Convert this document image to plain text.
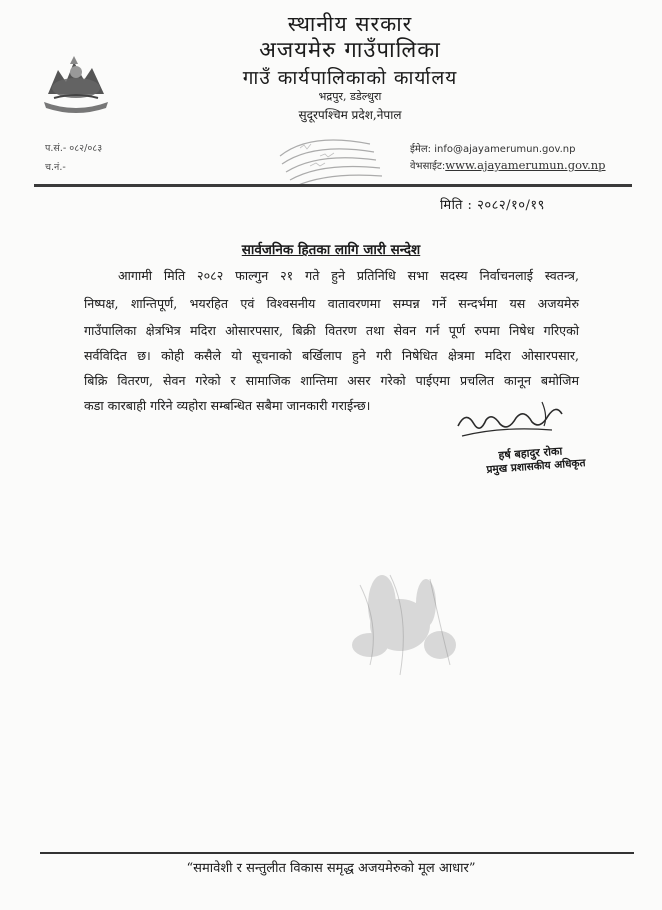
स्थानीय सरकार
अजयमेरु गाउँपालिका
गाउँ कार्यपालिकाको कार्यालय
भद्रपुर, डडेल्धुरा
सुदूरपश्चिम प्रदेश,नेपाल
प.सं.- ०८२/०८३
च.नं.-
ईमेल: info@ajayamerumun.gov.np
वेभसाईट:www.ajayamerumun.gov.np
मिति : २०८२/१०/१९
सार्वजनिक हितका लागि जारी सन्देश
आगामी मिति २०८२ फाल्गुन २१ गते हुने प्रतिनिधि सभा सदस्य निर्वाचनलाई स्वतन्त्र,
निष्पक्ष, शान्तिपूर्ण, भयरहित एवं विश्वसनीय वातावरणमा सम्पन्न गर्ने सन्दर्भमा यस अजयमेरु
गाउँपालिका क्षेत्रभित्र मदिरा ओसारपसार, बिक्री वितरण तथा सेवन गर्न पूर्ण रुपमा निषेध गरिएको
सर्वविदित छ। कोही कसैले यो सूचनाको बर्खिलाप हुने गरी निषेधित क्षेत्रमा मदिरा ओसारपसार,
बिक्रि वितरण, सेवन गरेको र सामाजिक शान्तिमा असर गरेको पाईएमा प्रचलित कानून बमोजिम
कडा कारबाही गरिने व्यहोरा सम्बन्धित सबैमा जानकारी गराईन्छ।
हर्ष बहादुर रोका
प्रमुख प्रशासकीय अधिकृत
“समावेशी र सन्तुलीत विकास समृद्ध अजयमेरुको मूल आधार”
